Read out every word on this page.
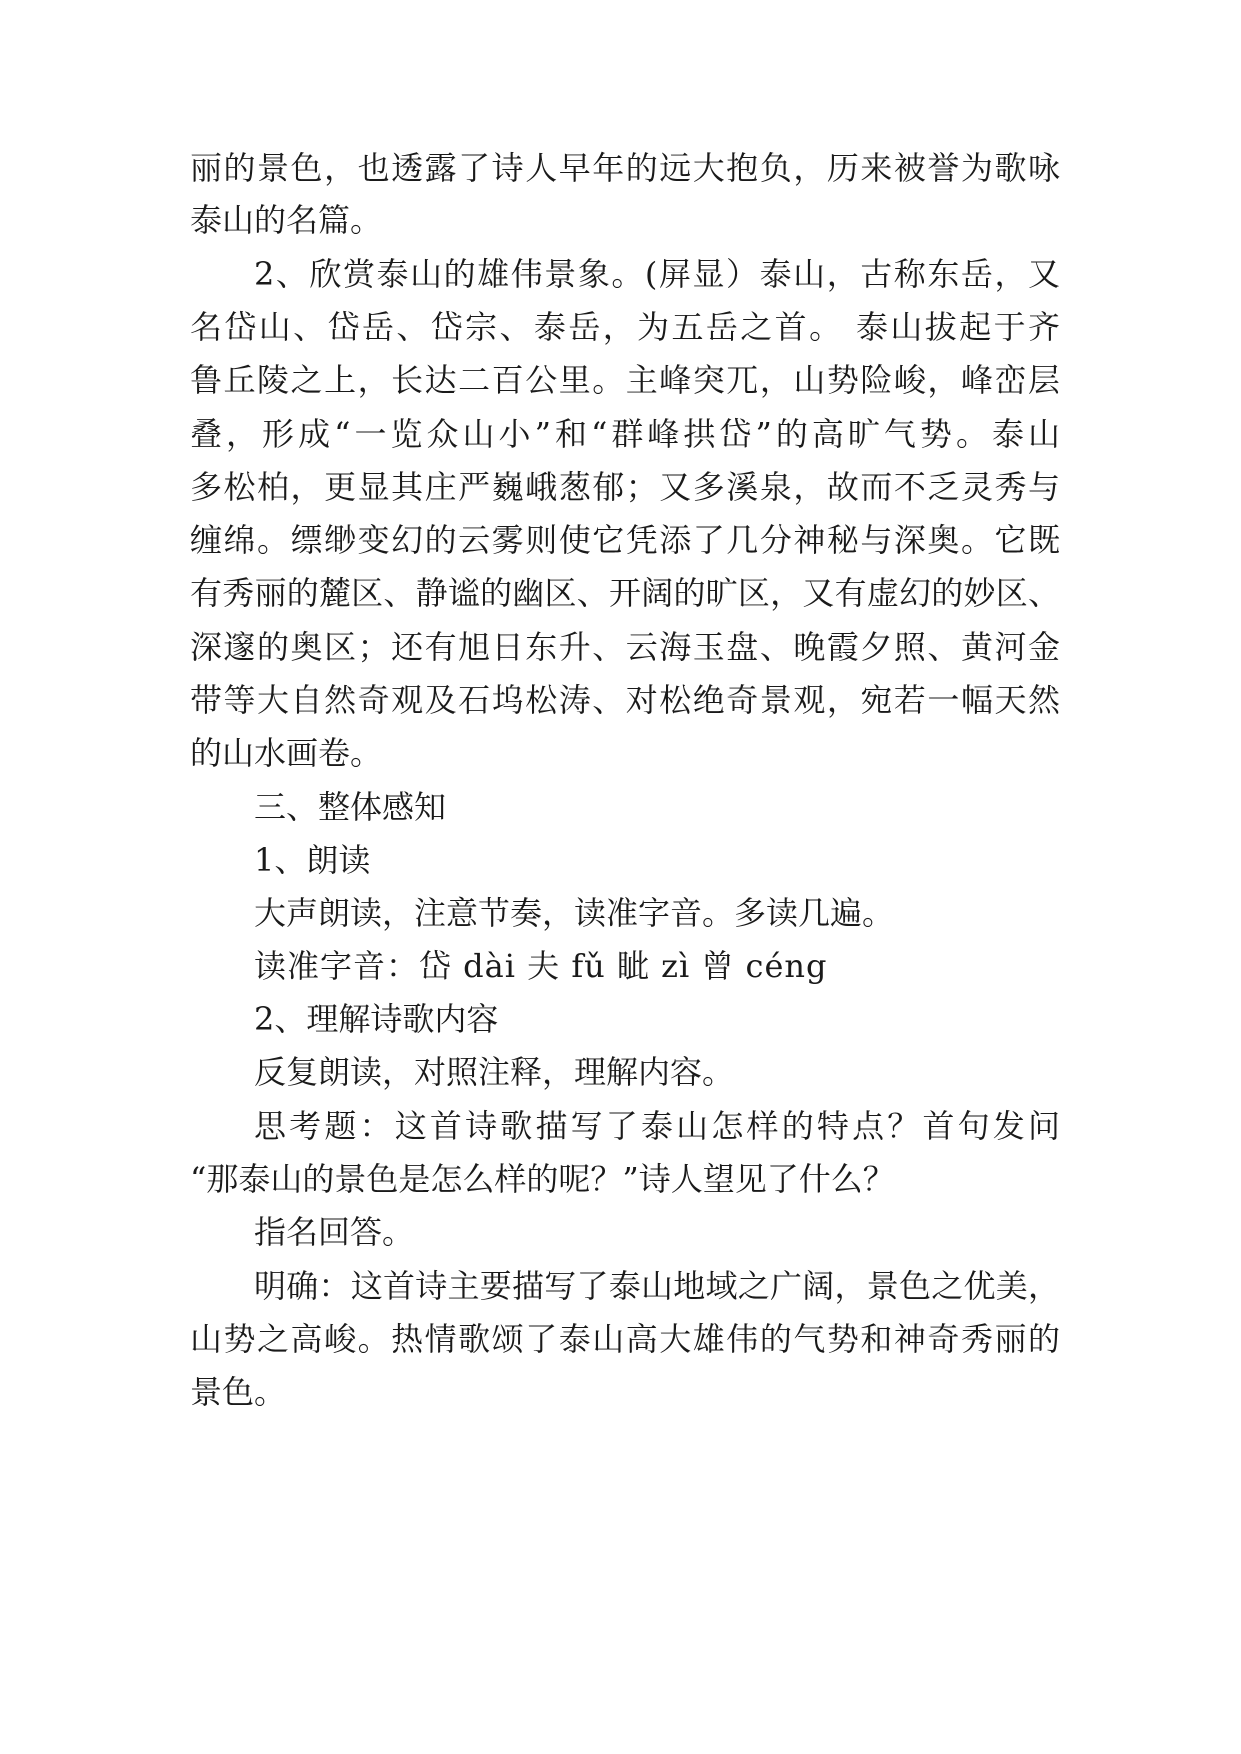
丽的景色，也透露了诗人早年的远大抱负，历来被誉为歌咏
泰山的名篇。
2、欣赏泰山的雄伟景象。(屏显）泰山，古称东岳，又
名岱山、岱岳、岱宗、泰岳，为五岳之首。 泰山拔起于齐
鲁丘陵之上，长达二百公里。主峰突兀，山势险峻，峰峦层
叠，形成“一览众山小”和“群峰拱岱”的高旷气势。泰山
多松柏，更显其庄严巍峨葱郁；又多溪泉，故而不乏灵秀与
缠绵。缥缈变幻的云雾则使它凭添了几分神秘与深奥。它既
有秀丽的麓区、静谧的幽区、开阔的旷区，又有虚幻的妙区、
深邃的奥区；还有旭日东升、云海玉盘、晚霞夕照、黄河金
带等大自然奇观及石坞松涛、对松绝奇景观，宛若一幅天然
的山水画卷。
三、整体感知
1、朗读
大声朗读，注意节奏，读准字音。多读几遍。
读准字音：岱 dài 夫 fǔ 眦 zì 曾 céng
2、理解诗歌内容
反复朗读，对照注释，理解内容。
思考题：这首诗歌描写了泰山怎样的特点？首句发问
“那泰山的景色是怎么样的呢？”诗人望见了什么？
指名回答。
明确：这首诗主要描写了泰山地域之广阔，景色之优美，
山势之高峻。热情歌颂了泰山高大雄伟的气势和神奇秀丽的
景色。
